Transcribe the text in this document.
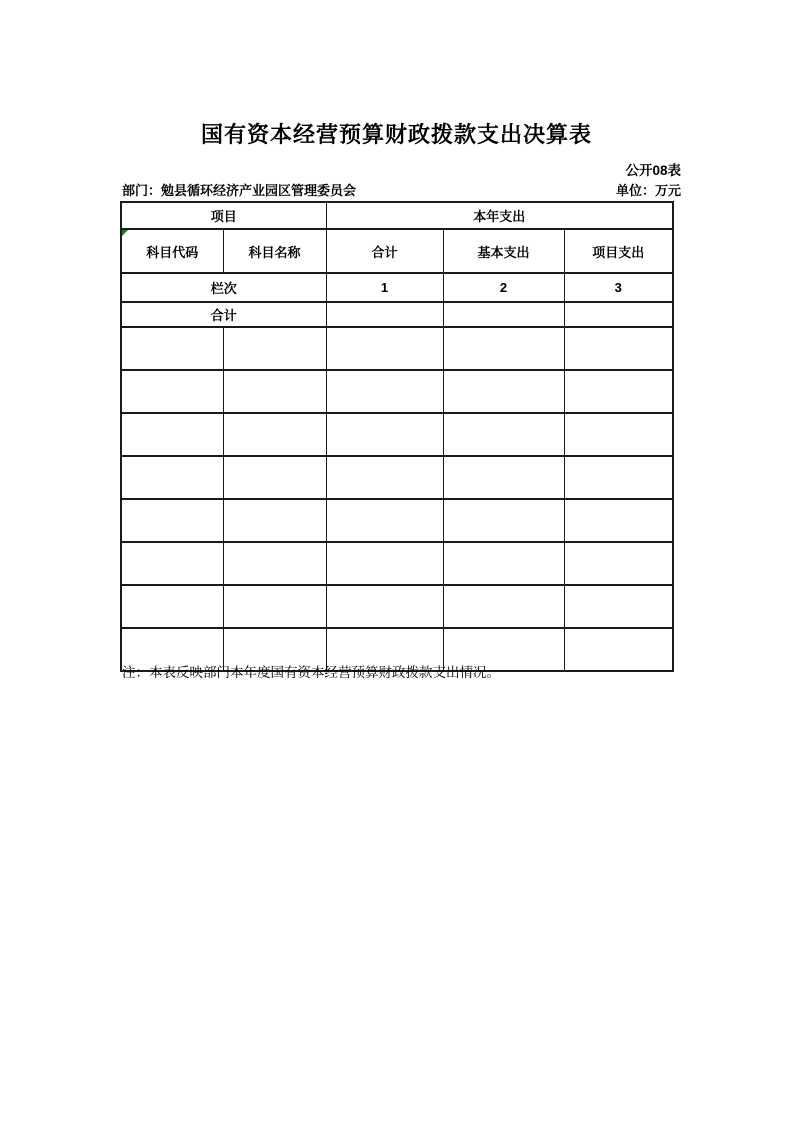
国有资本经营预算财政拨款支出决算表
公开08表
部门：勉县循环经济产业园区管理委员会	单位：万元
项目		本年支出		

科目代码	科目名称	合计	基本支出	项目支出
栏次		1	2	3
合计				

注：本表反映部门本年度国有资本经营预算财政拨款支出情况。
